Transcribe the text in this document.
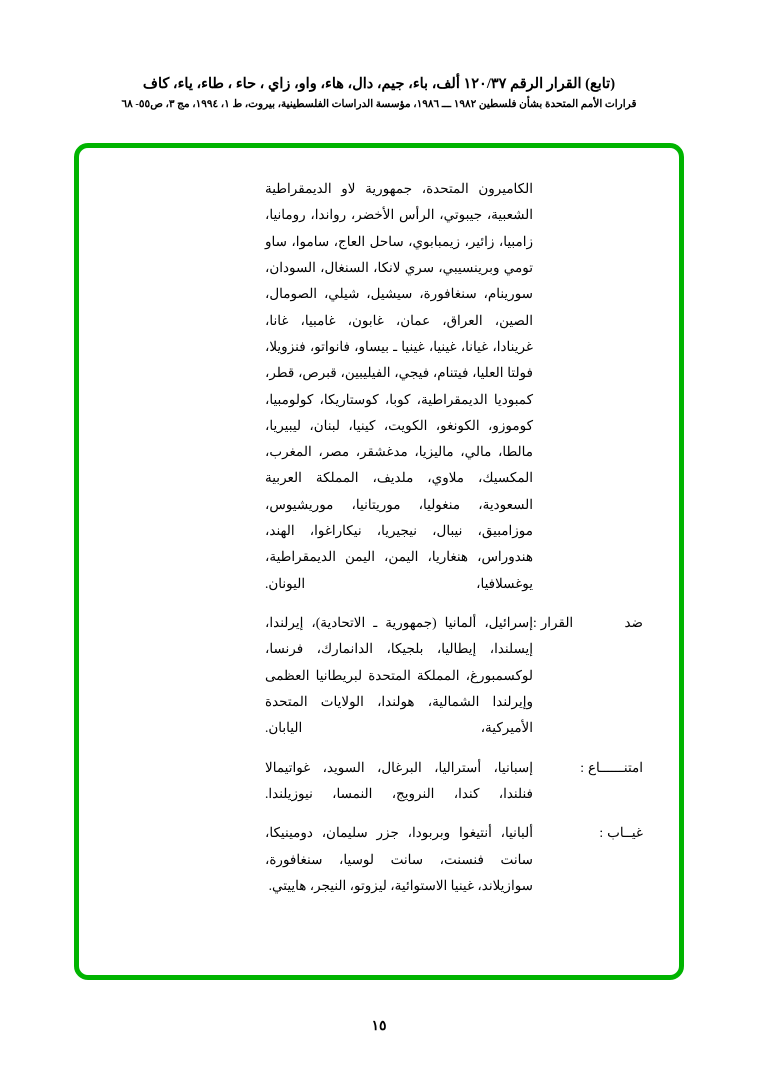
(تابع) القرار الرقم ١٢٠/٣٧ ألف، باء، جيم، دال، هاء، واو، زاي ، حاء ، طاء، ياء، كاف
قرارات الأمم المتحدة بشأن فلسطين ١٩٨٢ ـــ ١٩٨٦، مؤسسة الدراسات الفلسطينية، بيروت، ط ١، ١٩٩٤، مج ٣، ص٥٥- ٦٨
الكاميرون المتحدة، جمهورية لاو الديمقراطية الشعبية، جيبوتي، الرأس الأخضر، رواندا، رومانيا، زامبيا، زائير، زيمبابوي، ساحل العاج، ساموا، ساو تومي وبرينسيبي، سري لانكا، السنغال، السودان، سورينام، سنغافورة، سيشيل، شيلي، الصومال، الصين، العراق، عمان، غابون، غامبيا، غانا، غرينادا، غيانا، غينيا، غينيا ـ بيساو، فانواتو، فنزويلا، فولتا العليا، فيتنام، فيجي، الفيليبين، قبرص، قطر، كمبوديا الديمقراطية، كوبا، كوستاريكا، كولومبيا، كوموزو، الكونغو، الكويت، كينيا، لبنان، ليبيريا، مالطا، مالي، ماليزيا، مدغشقر، مصر، المغرب، المكسيك، ملاوي، ملديف، المملكة العربية السعودية، منغوليا، موريتانيا، موريشيوس، موزامبيق، نيبال، نيجيريا، نيكاراغوا، الهند، هندوراس، هنغاريا، اليمن، اليمن الديمقراطية، يوغسلافيا، اليونان.
ضد القرار:
إسرائيل، ألمانيا (جمهورية ـ الاتحادية)، إيرلندا، إيسلندا، إيطاليا، بلجيكا، الدانمارك، فرنسا، لوكسمبورغ، المملكة المتحدة لبريطانيا العظمى وإيرلندا الشمالية، هولندا، الولايات المتحدة الأميركية، اليابان.
امتنــــــاع:
إسبانيا، أستراليا، البرغال، السويد، غواتيمالا فنلندا، كندا، النرويج، النمسا، نيوزيلندا.
غيــاب:
ألبانيا، أنتيغوا وبربودا، جزر سليمان، دومينيكا، سانت فنسنت، سانت لوسيا، سنغافورة، سوازيلاند، غينيا الاستوائية، ليزوتو، النيجر، هاييتي.
١٥
